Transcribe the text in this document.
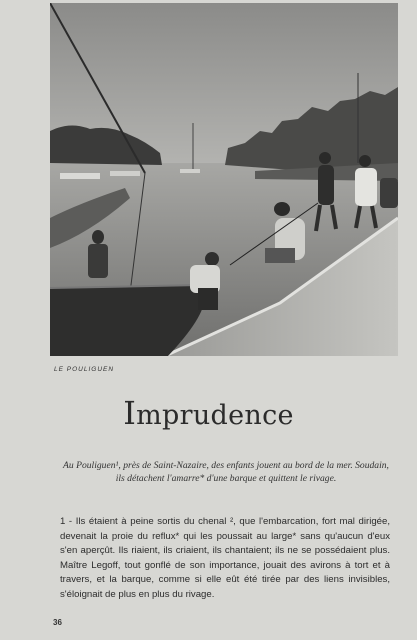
LE POULIGUEN
Imprudence
Au Pouliguen¹, près de Saint-Nazaire, des enfants jouent au bord de la mer. Soudain, ils détachent l'amarre* d'une barque et quittent le rivage.
1 - Ils étaient à peine sortis du chenal ², que l'embarcation, fort mal dirigée, devenait la proie du reflux* qui les poussait au large* sans qu'aucun d'eux s'en aperçût. Ils riaient, ils criaient, ils chantaient; ils ne se possédaient plus. Maître Legoff, tout gonflé de son importance, jouait des avirons à tort et à travers, et la barque, comme si elle eût été tirée par des liens invisibles, s'éloignait de plus en plus du rivage.
36
